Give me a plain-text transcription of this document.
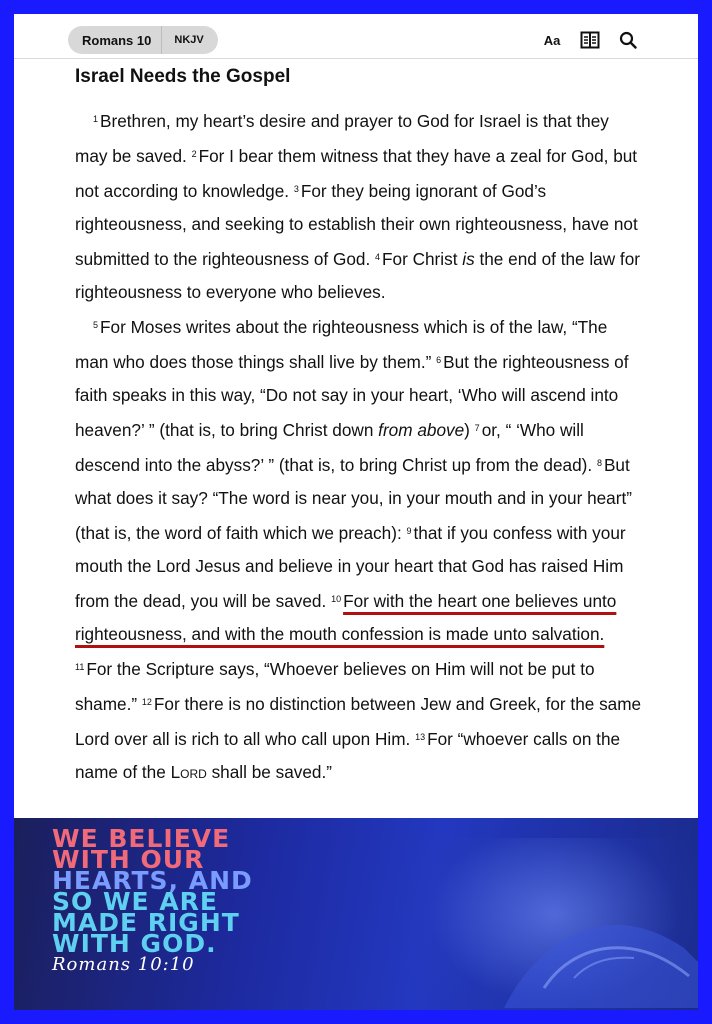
Romans 10	NKJV	Aa
Israel Needs the Gospel

$^1$ Brethren, my heart’s desire and prayer to God for Israel is that they may be saved. $^2$ For I bear them witness that they have a zeal for God, but not according to knowledge. $^3$ For they being ignorant of God’s righteousness, and seeking to establish their own righteousness, have not submitted to the righteousness of God. $^4$ For Christ is the end of the law for righteousness to everyone who believes.

$^5$ For Moses writes about the righteousness which is of the law, “The man who does those things shall live by them.” $^6$ But the righteousness of faith speaks in this way, “Do not say in your heart, ‘Who will ascend into heaven?’ ” (that is, to bring Christ down from above) $^7$ or, “ ‘Who will descend into the abyss?’ ” (that is, to bring Christ up from the dead). $^8$ But what does it say? “The word is near you, in your mouth and in your heart” (that is, the word of faith which we preach): $^9$ that if you confess with your mouth the Lord Jesus and believe in your heart that God has raised Him from the dead, you will be saved. $^{10}$ For with the heart one believes unto righteousness, and with the mouth confession is made unto salvation. $^{11}$ For the Scripture says, “Whoever believes on Him will not be put to shame.” $^{12}$ For there is no distinction between Jew and Greek, for the same Lord over all is rich to all who call upon Him. $^{13}$ For “whoever calls on the name of the Lord shall be saved.”

WE BELIEVE
WITH OUR
HEARTS, AND
SO WE ARE
MADE RIGHT
WITH GOD.
Romans 10:10
